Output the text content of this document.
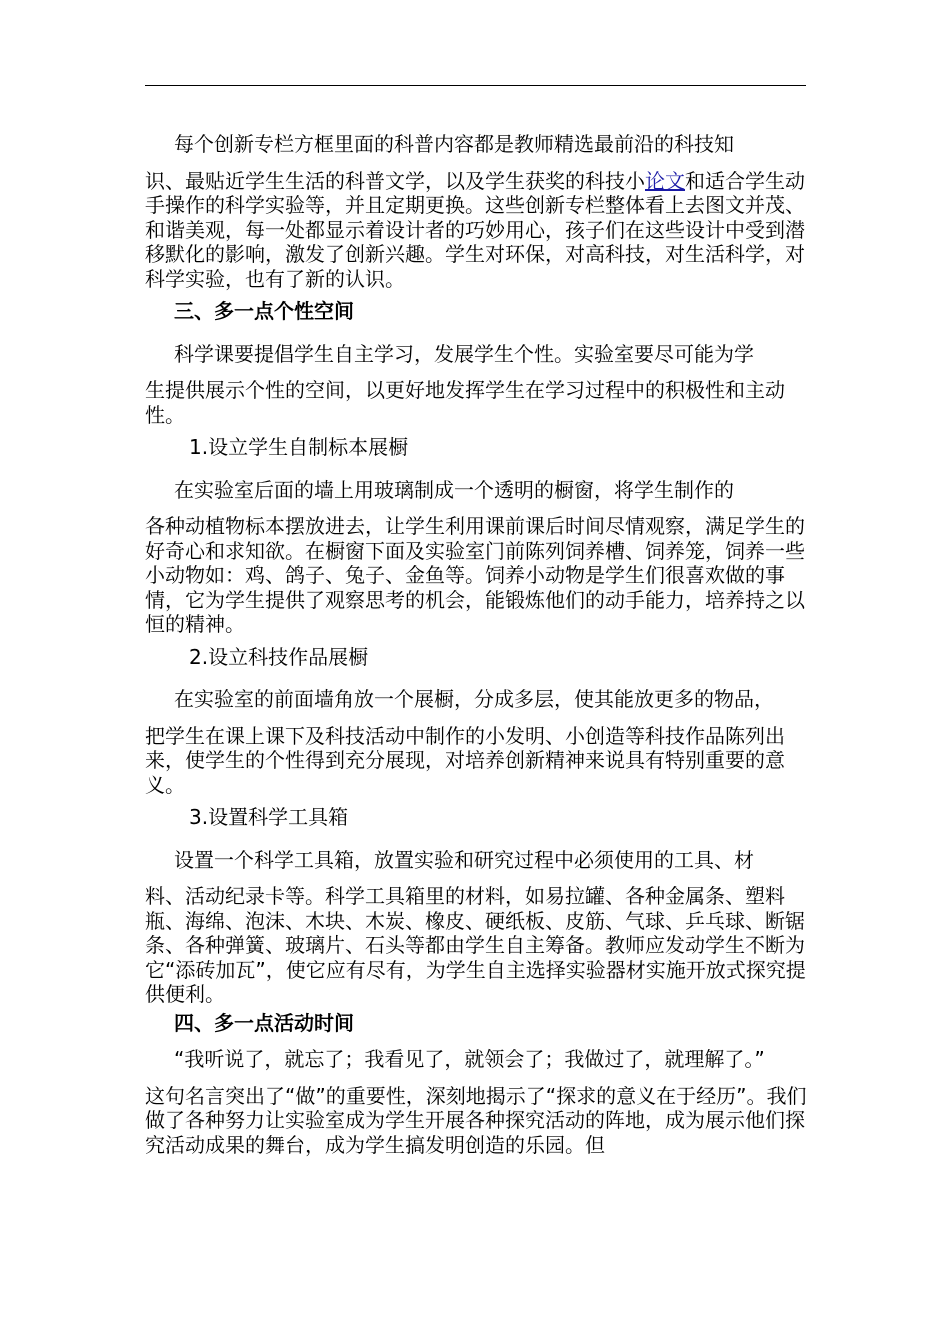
每个创新专栏方框里面的科普内容都是教师精选最前沿的科技知
识、最贴近学生生活的科普文学，以及学生获奖的科技小论文和适合学生动手操作的科学实验等，并且定期更换。这些创新专栏整体看上去图文并茂、和谐美观，每一处都显示着设计者的巧妙用心，孩子们在这些设计中受到潜移默化的影响，激发了创新兴趣。学生对环保，对高科技，对生活科学，对科学实验，也有了新的认识。
三、多一点个性空间
科学课要提倡学生自主学习，发展学生个性。实验室要尽可能为学
生提供展示个性的空间，以更好地发挥学生在学习过程中的积极性和主动性。
1.设立学生自制标本展橱
在实验室后面的墙上用玻璃制成一个透明的橱窗，将学生制作的
各种动植物标本摆放进去，让学生利用课前课后时间尽情观察，满足学生的好奇心和求知欲。在橱窗下面及实验室门前陈列饲养槽、饲养笼，饲养一些小动物如：鸡、鸽子、兔子、金鱼等。饲养小动物是学生们很喜欢做的事情，它为学生提供了观察思考的机会，能锻炼他们的动手能力，培养持之以恒的精神。
2.设立科技作品展橱
在实验室的前面墙角放一个展橱，分成多层，使其能放更多的物品，
把学生在课上课下及科技活动中制作的小发明、小创造等科技作品陈列出来，使学生的个性得到充分展现，对培养创新精神来说具有特别重要的意义。
3.设置科学工具箱
设置一个科学工具箱，放置实验和研究过程中必须使用的工具、材
料、活动纪录卡等。科学工具箱里的材料，如易拉罐、各种金属条、塑料瓶、海绵、泡沫、木块、木炭、橡皮、硬纸板、皮筋、气球、乒乓球、断锯条、各种弹簧、玻璃片、石头等都由学生自主筹备。教师应发动学生不断为它“添砖加瓦”，使它应有尽有，为学生自主选择实验器材实施开放式探究提供便利。
四、多一点活动时间
“我听说了，就忘了；我看见了，就领会了；我做过了，就理解了。”
这句名言突出了“做”的重要性，深刻地揭示了“探求的意义在于经历”。我们做了各种努力让实验室成为学生开展各种探究活动的阵地，成为展示他们探究活动成果的舞台，成为学生搞发明创造的乐园。但
